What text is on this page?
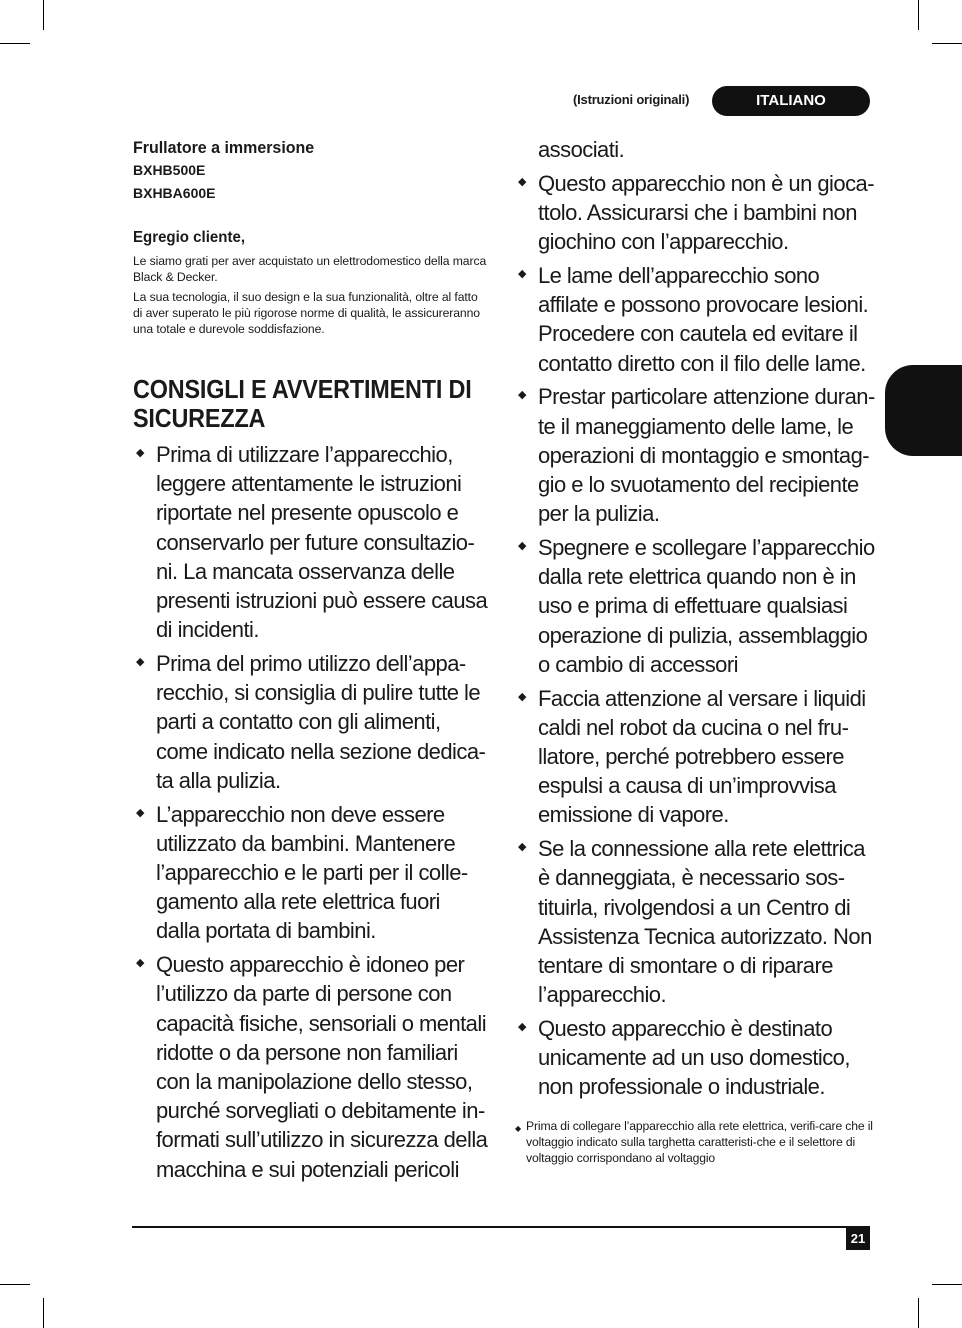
(Istruzioni originali)	ITALIANO
Frullatore a immersione
BXHB500E
BXHBA600E
Egregio cliente,
Le siamo grati per aver acquistato un elettrodomestico della marca Black & Decker.
La sua tecnologia, il suo design e la sua funzionalità, oltre al fatto di aver superato le più rigorose norme di qualità, le assicureranno una totale e durevole soddisfazione.
CONSIGLI E AVVERTIMENTI DI SICUREZZA
◆ Prima di utilizzare l’apparecchio, leggere attentamente le istruzioni riportate nel presente opuscolo e conservarlo per future consultazio-ni. La mancata osservanza delle presenti istruzioni può essere causa di incidenti.
◆ Prima del primo utilizzo dell’appa-recchio, si consiglia di pulire tutte le parti a contatto con gli alimenti, come indicato nella sezione dedica-ta alla pulizia.
◆ L’apparecchio non deve essere utilizzato da bambini. Mantenere l’apparecchio e le parti per il colle-gamento alla rete elettrica fuori dalla portata di bambini.
◆ Questo apparecchio è idoneo per l’utilizzo da parte di persone con capacità fisiche, sensoriali o mentali ridotte o da persone non familiari con la manipolazione dello stesso, purché sorvegliati o debitamente in-formati sull’utilizzo in sicurezza della macchina e sui potenziali pericoli
associati.
◆ Questo apparecchio non è un gioca-ttolo. Assicurarsi che i bambini non giochino con l’apparecchio.
◆ Le lame dell’apparecchio sono affilate e possono provocare lesioni. Procedere con cautela ed evitare il contatto diretto con il filo delle lame.
◆ Prestar particolare attenzione duran-te il maneggiamento delle lame, le operazioni di montaggio e smontag-gio e lo svuotamento del recipiente per la pulizia.
◆ Spegnere e scollegare l’apparecchio dalla rete elettrica quando non è in uso e prima di effettuare qualsiasi operazione di pulizia, assemblaggio o cambio di accessori
◆ Faccia attenzione al versare i liquidi caldi nel robot da cucina o nel fru-llatore, perché potrebbero essere espulsi a causa di un’improvvisa emissione di vapore.
◆ Se la connessione alla rete elettrica è danneggiata, è necessario sos-tituirla, rivolgendosi a un Centro di Assistenza Tecnica autorizzato. Non tentare di smontare o di riparare l’apparecchio.
◆ Questo apparecchio è destinato unicamente ad un uso domestico, non professionale o industriale.
◆ Prima di collegare l’apparecchio alla rete elettrica, verifi-care che il voltaggio indicato sulla targhetta caratteristi-che e il selettore di voltaggio corrispondano al voltaggio
21
